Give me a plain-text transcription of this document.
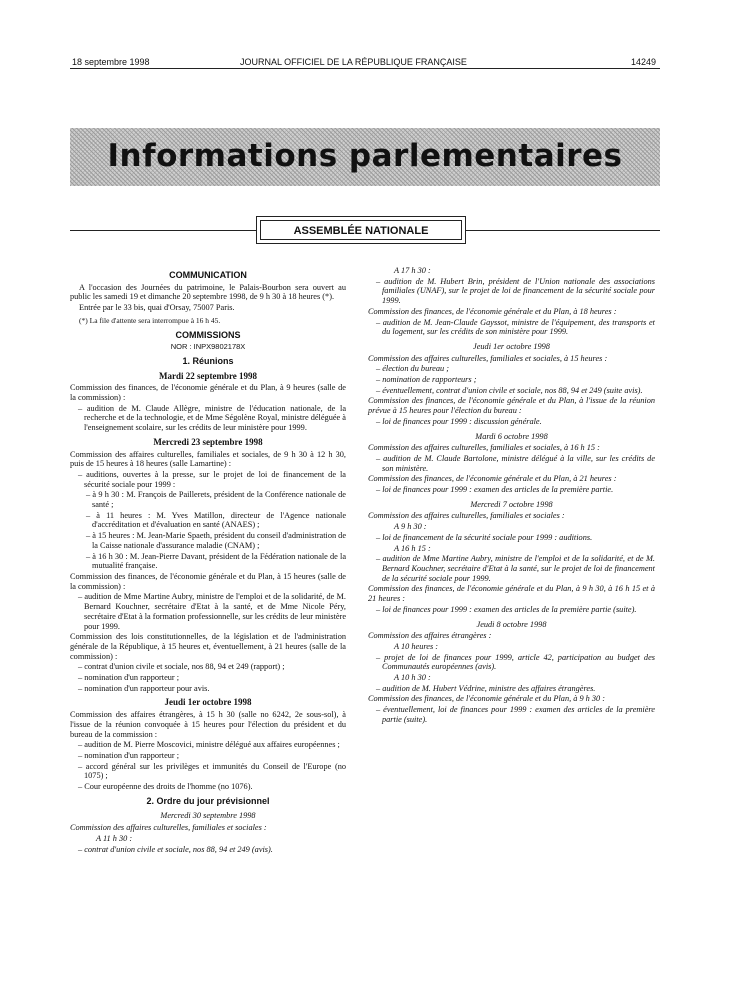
18 septembre 1998	JOURNAL OFFICIEL DE LA RÉPUBLIQUE FRANÇAISE	14249
Informations parlementaires
ASSEMBLÉE NATIONALE
COMMUNICATION

A l'occasion des Journées du patrimoine, le Palais-Bourbon sera ouvert au public les samedi 19 et dimanche 20 septembre 1998, de 9 h 30 à 18 heures (*).

Entrée par le 33 bis, quai d'Orsay, 75007 Paris.

(*) La file d'attente sera interrompue à 16 h 45.

COMMISSIONS
NOR : INPX9802178X
1. Réunions
Mardi 22 septembre 1998

Commission des finances, de l'économie générale et du Plan, à 9 heures (salle de la commission) :

– audition de M. Claude Allègre, ministre de l'éducation nationale, de la recherche et de la technologie, et de Mme Ségolène Royal, ministre déléguée à l'enseignement scolaire, sur les crédits de leur ministère pour 1999.

Mercredi 23 septembre 1998

Commission des affaires culturelles, familiales et sociales, de 9 h 30 à 12 h 30, puis de 15 heures à 18 heures (salle Lamartine) :

– auditions, ouvertes à la presse, sur le projet de loi de financement de la sécurité sociale pour 1999 :

– à 9 h 30 : M. François de Paillerets, président de la Conférence nationale de santé ;

– à 11 heures : M. Yves Matillon, directeur de l'Agence nationale d'accréditation et d'évaluation en santé (ANAES) ;

– à 15 heures : M. Jean-Marie Spaeth, président du conseil d'administration de la Caisse nationale d'assurance maladie (CNAM) ;

– à 16 h 30 : M. Jean-Pierre Davant, président de la Fédération nationale de la mutualité française.

Commission des finances, de l'économie générale et du Plan, à 15 heures (salle de la commission) :

– audition de Mme Martine Aubry, ministre de l'emploi et de la solidarité, de M. Bernard Kouchner, secrétaire d'Etat à la santé, et de Mme Nicole Péry, secrétaire d'Etat à la formation professionnelle, sur les crédits de leur ministère pour 1999.

Commission des lois constitutionnelles, de la législation et de l'administration générale de la République, à 15 heures et, éventuellement, à 21 heures (salle de la commission) :

– contrat d'union civile et sociale, nos 88, 94 et 249 (rapport) ;

– nomination d'un rapporteur ;

– nomination d'un rapporteur pour avis.

Jeudi 1er octobre 1998

Commission des affaires étrangères, à 15 h 30 (salle no 6242, 2e sous-sol), à l'issue de la réunion convoquée à 15 heures pour l'élection du président et du bureau de la commission :

– audition de M. Pierre Moscovici, ministre délégué aux affaires européennes ;

– nomination d'un rapporteur ;

– accord général sur les privilèges et immunités du Conseil de l'Europe (no 1075) ;

– Cour européenne des droits de l'homme (no 1076).

2. Ordre du jour prévisionnel
Mercredi 30 septembre 1998

Commission des affaires culturelles, familiales et sociales :

A 11 h 30 :

– contrat d'union civile et sociale, nos 88, 94 et 249 (avis).

A 17 h 30 :

– audition de M. Hubert Brin, président de l'Union nationale des associations familiales (UNAF), sur le projet de loi de financement de la sécurité sociale pour 1999.

Commission des finances, de l'économie générale et du Plan, à 18 heures :

– audition de M. Jean-Claude Gayssot, ministre de l'équipement, des transports et du logement, sur les crédits de son ministère pour 1999.

Jeudi 1er octobre 1998

Commission des affaires culturelles, familiales et sociales, à 15 heures :

– élection du bureau ;

– nomination de rapporteurs ;

– éventuellement, contrat d'union civile et sociale, nos 88, 94 et 249 (suite avis).

Commission des finances, de l'économie générale et du Plan, à l'issue de la réunion prévue à 15 heures pour l'élection du bureau :

– loi de finances pour 1999 : discussion générale.

Mardi 6 octobre 1998

Commission des affaires culturelles, familiales et sociales, à 16 h 15 :

– audition de M. Claude Bartolone, ministre délégué à la ville, sur les crédits de son ministère.

Commission des finances, de l'économie générale et du Plan, à 21 heures :

– loi de finances pour 1999 : examen des articles de la première partie.

Mercredi 7 octobre 1998

Commission des affaires culturelles, familiales et sociales :

A 9 h 30 :

– loi de financement de la sécurité sociale pour 1999 : auditions.

A 16 h 15 :

– audition de Mme Martine Aubry, ministre de l'emploi et de la solidarité, et de M. Bernard Kouchner, secrétaire d'Etat à la santé, sur le projet de loi de financement de la sécurité sociale pour 1999.

Commission des finances, de l'économie générale et du Plan, à 9 h 30, à 16 h 15 et à 21 heures :

– loi de finances pour 1999 : examen des articles de la première partie (suite).

Jeudi 8 octobre 1998

Commission des affaires étrangères :

A 10 heures :

– projet de loi de finances pour 1999, article 42, participation au budget des Communautés européennes (avis).

A 10 h 30 :

– audition de M. Hubert Védrine, ministre des affaires étrangères.

Commission des finances, de l'économie générale et du Plan, à 9 h 30 :

– éventuellement, loi de finances pour 1999 : examen des articles de la première partie (suite).
